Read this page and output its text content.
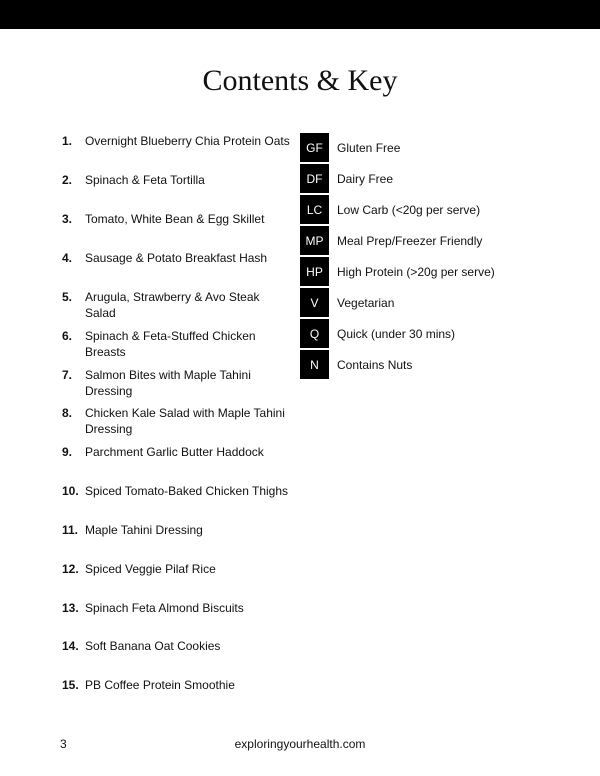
Contents & Key
1. Overnight Blueberry Chia Protein Oats
2. Spinach & Feta Tortilla
3. Tomato, White Bean & Egg Skillet
4. Sausage & Potato Breakfast Hash
5. Arugula, Strawberry & Avo Steak Salad
6. Spinach & Feta-Stuffed Chicken Breasts
7. Salmon Bites with Maple Tahini Dressing
8. Chicken Kale Salad with Maple Tahini Dressing
9. Parchment Garlic Butter Haddock
10. Spiced Tomato-Baked Chicken Thighs
11. Maple Tahini Dressing
12. Spiced Veggie Pilaf Rice
13. Spinach Feta Almond Biscuits
14. Soft Banana Oat Cookies
15. PB Coffee Protein Smoothie
GF	Gluten Free
DF	Dairy Free
LC	Low Carb (<20g per serve)
MP	Meal Prep/Freezer Friendly
HP	High Protein (>20g per serve)
V	Vegetarian
Q	Quick (under 30 mins)
N	Contains Nuts
3	exploringyourhealth.com
